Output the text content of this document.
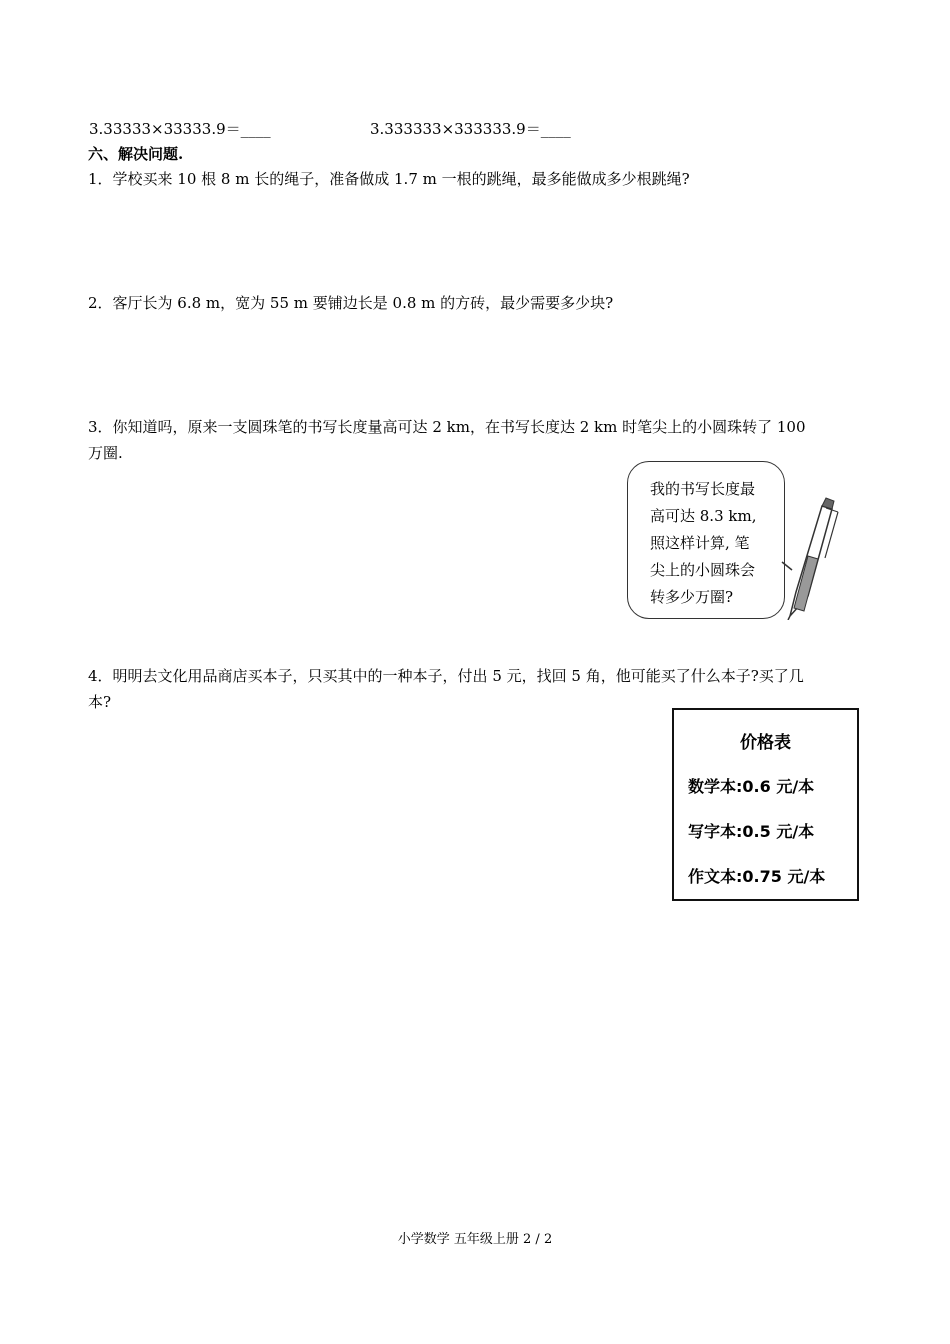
3.33333×33333.9＝____	3.333333×333333.9＝____
六、解决问题.
1．学校买来 10 根 8 m 长的绳子，准备做成 1.7 m 一根的跳绳，最多能做成多少根跳绳?
2．客厅长为 6.8 m，宽为 55 m 要铺边长是 0.8 m 的方砖，最少需要多少块?
3．你知道吗，原来一支圆珠笔的书写长度量高可达 2 km，在书写长度达 2 km 时笔尖上的小圆珠转了 100
万圈.
我的书写长度最
高可达 8.3 km,
照这样计算, 笔
尖上的小圆珠会
转多少万圈?
4．明明去文化用品商店买本子，只买其中的一种本子，付出 5 元，找回 5 角，他可能买了什么本子?买了几
本?
价格表
数学本:0.6 元/本
写字本:0.5 元/本
作文本:0.75 元/本
小学数学 五年级上册 2 / 2
